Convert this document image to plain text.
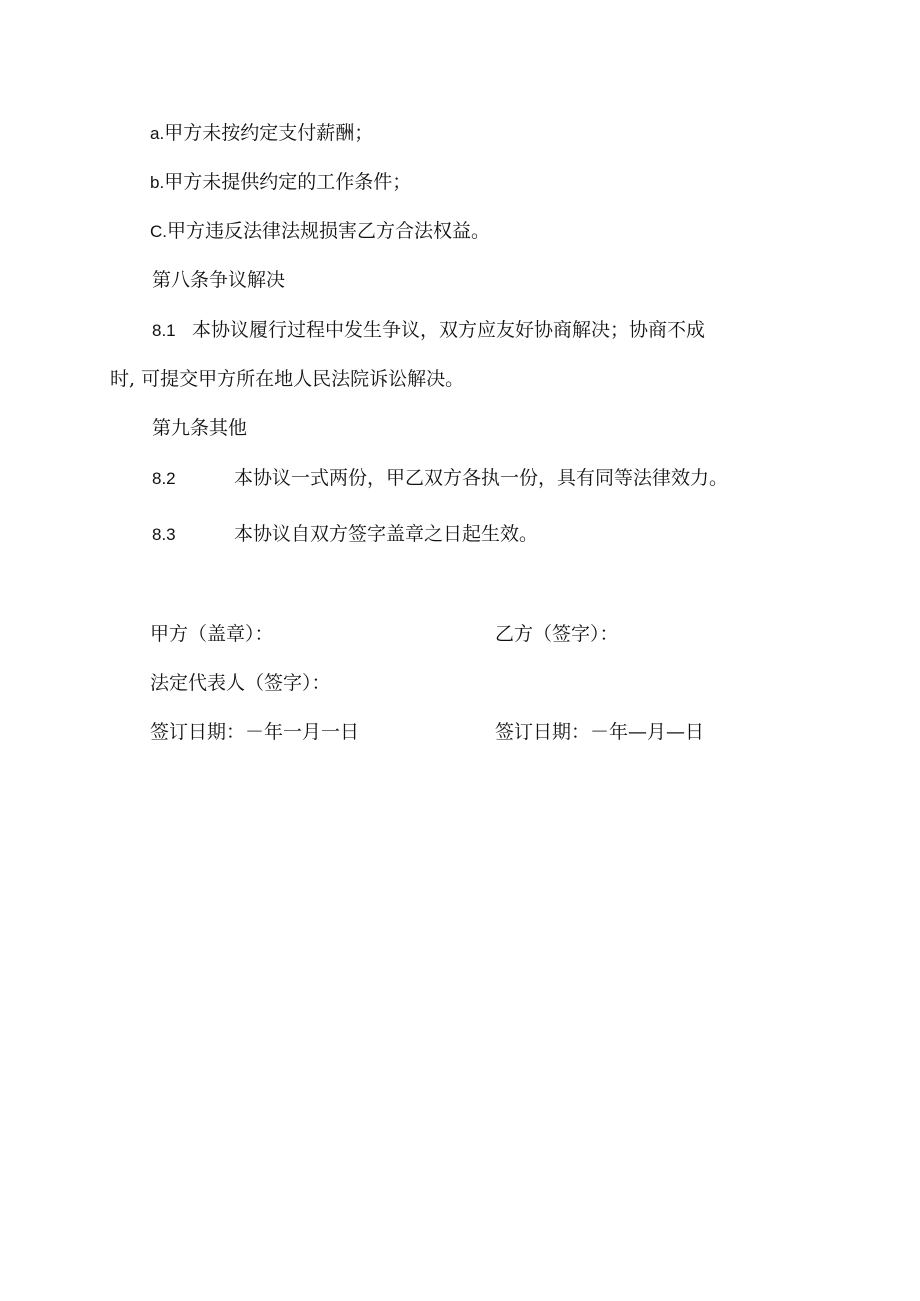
a.甲方未按约定支付薪酬；
b.甲方未提供约定的工作条件；
C.甲方违反法律法规损害乙方合法权益。
第八条争议解决
8.1 本协议履行过程中发生争议，双方应友好协商解决；协商不成
时, 可提交甲方所在地人民法院诉讼解决。
第九条其他
8.2	本协议一式两份，甲乙双方各执一份，具有同等法律效力。
8.3	本协议自双方签字盖章之日起生效。
甲方（盖章）：	乙方（签字）：
法定代表人（签字）：
签订日期：－年一月一日	签订日期：－年—月—日
